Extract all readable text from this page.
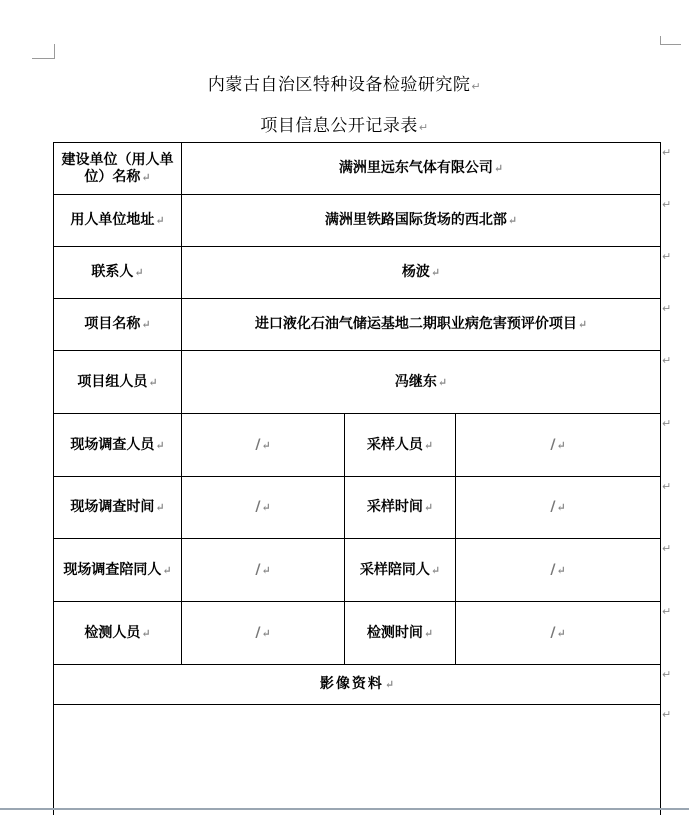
内蒙古自治区特种设备检验研究院↵
项目信息公开记录表↵
建设单位（用人单位）名称↵	满洲里远东气体有限公司↵		
用人单位地址↵	满洲里铁路国际货场的西北部↵		
联系人↵	杨波↵		
项目名称↵	进口液化石油气储运基地二期职业病危害预评价项目↵		
项目组人员↵	冯继东↵		
现场调查人员↵	/↵	采样人员↵	/↵
现场调查时间↵	/↵	采样时间↵	/↵
现场调查陪同人↵	/↵	采样陪同人↵	/↵
检测人员↵	/↵	检测时间↵	/↵
影像资料↵			

↵
↵
↵
↵
↵
↵
↵
↵
↵
↵
↵
